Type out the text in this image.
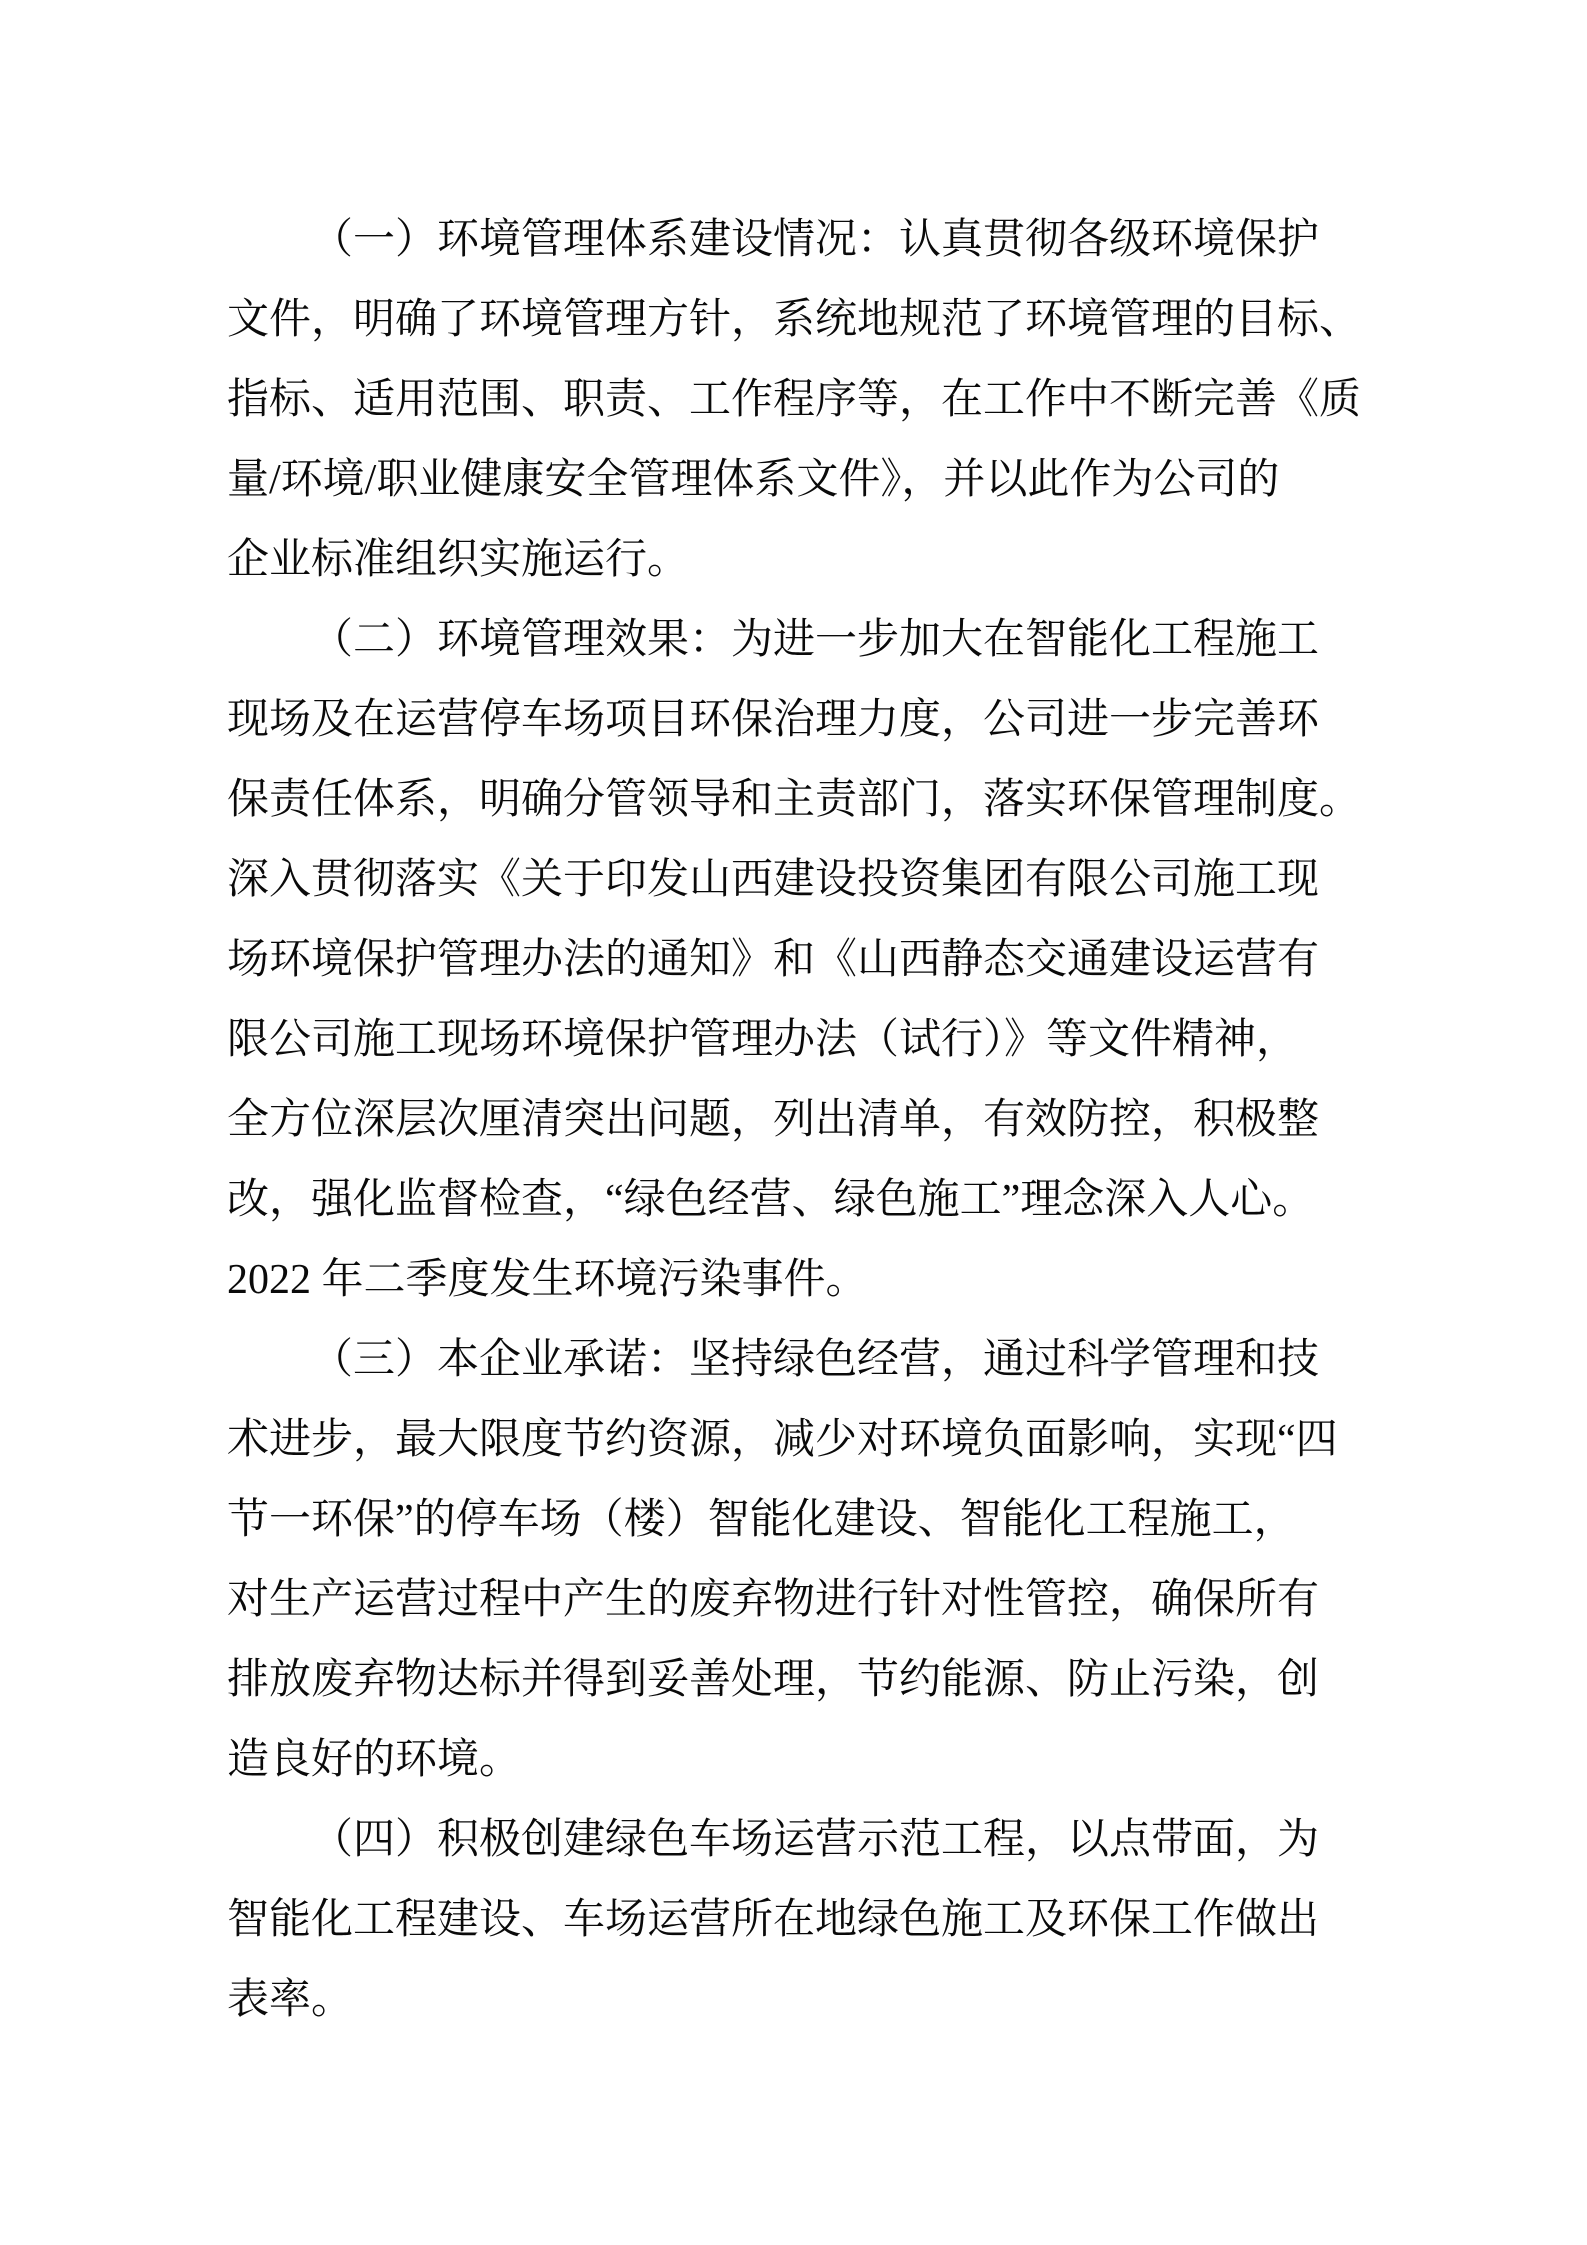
（一）环境管理体系建设情况：认真贯彻各级环境保护

文件，明确了环境管理方针，系统地规范了环境管理的目标、

指标、适用范围、职责、工作程序等，在工作中不断完善《质

量/环境/职业健康安全管理体系文件》，并以此作为公司的

企业标准组织实施运行。

（二）环境管理效果：为进一步加大在智能化工程施工

现场及在运营停车场项目环保治理力度，公司进一步完善环

保责任体系，明确分管领导和主责部门，落实环保管理制度。

深入贯彻落实《关于印发山西建设投资集团有限公司施工现

场环境保护管理办法的通知》和《山西静态交通建设运营有

限公司施工现场环境保护管理办法（试行）》等文件精神，

全方位深层次厘清突出问题，列出清单，有效防控，积极整

改，强化监督检查，“绿色经营、绿色施工”理念深入人心。

2022 年二季度发生环境污染事件。

（三）本企业承诺：坚持绿色经营，通过科学管理和技

术进步，最大限度节约资源，减少对环境负面影响，实现“四

节一环保”的停车场（楼）智能化建设、智能化工程施工，

对生产运营过程中产生的废弃物进行针对性管控，确保所有

排放废弃物达标并得到妥善处理，节约能源、防止污染，创

造良好的环境。

（四）积极创建绿色车场运营示范工程，以点带面，为

智能化工程建设、车场运营所在地绿色施工及环保工作做出

表率。
